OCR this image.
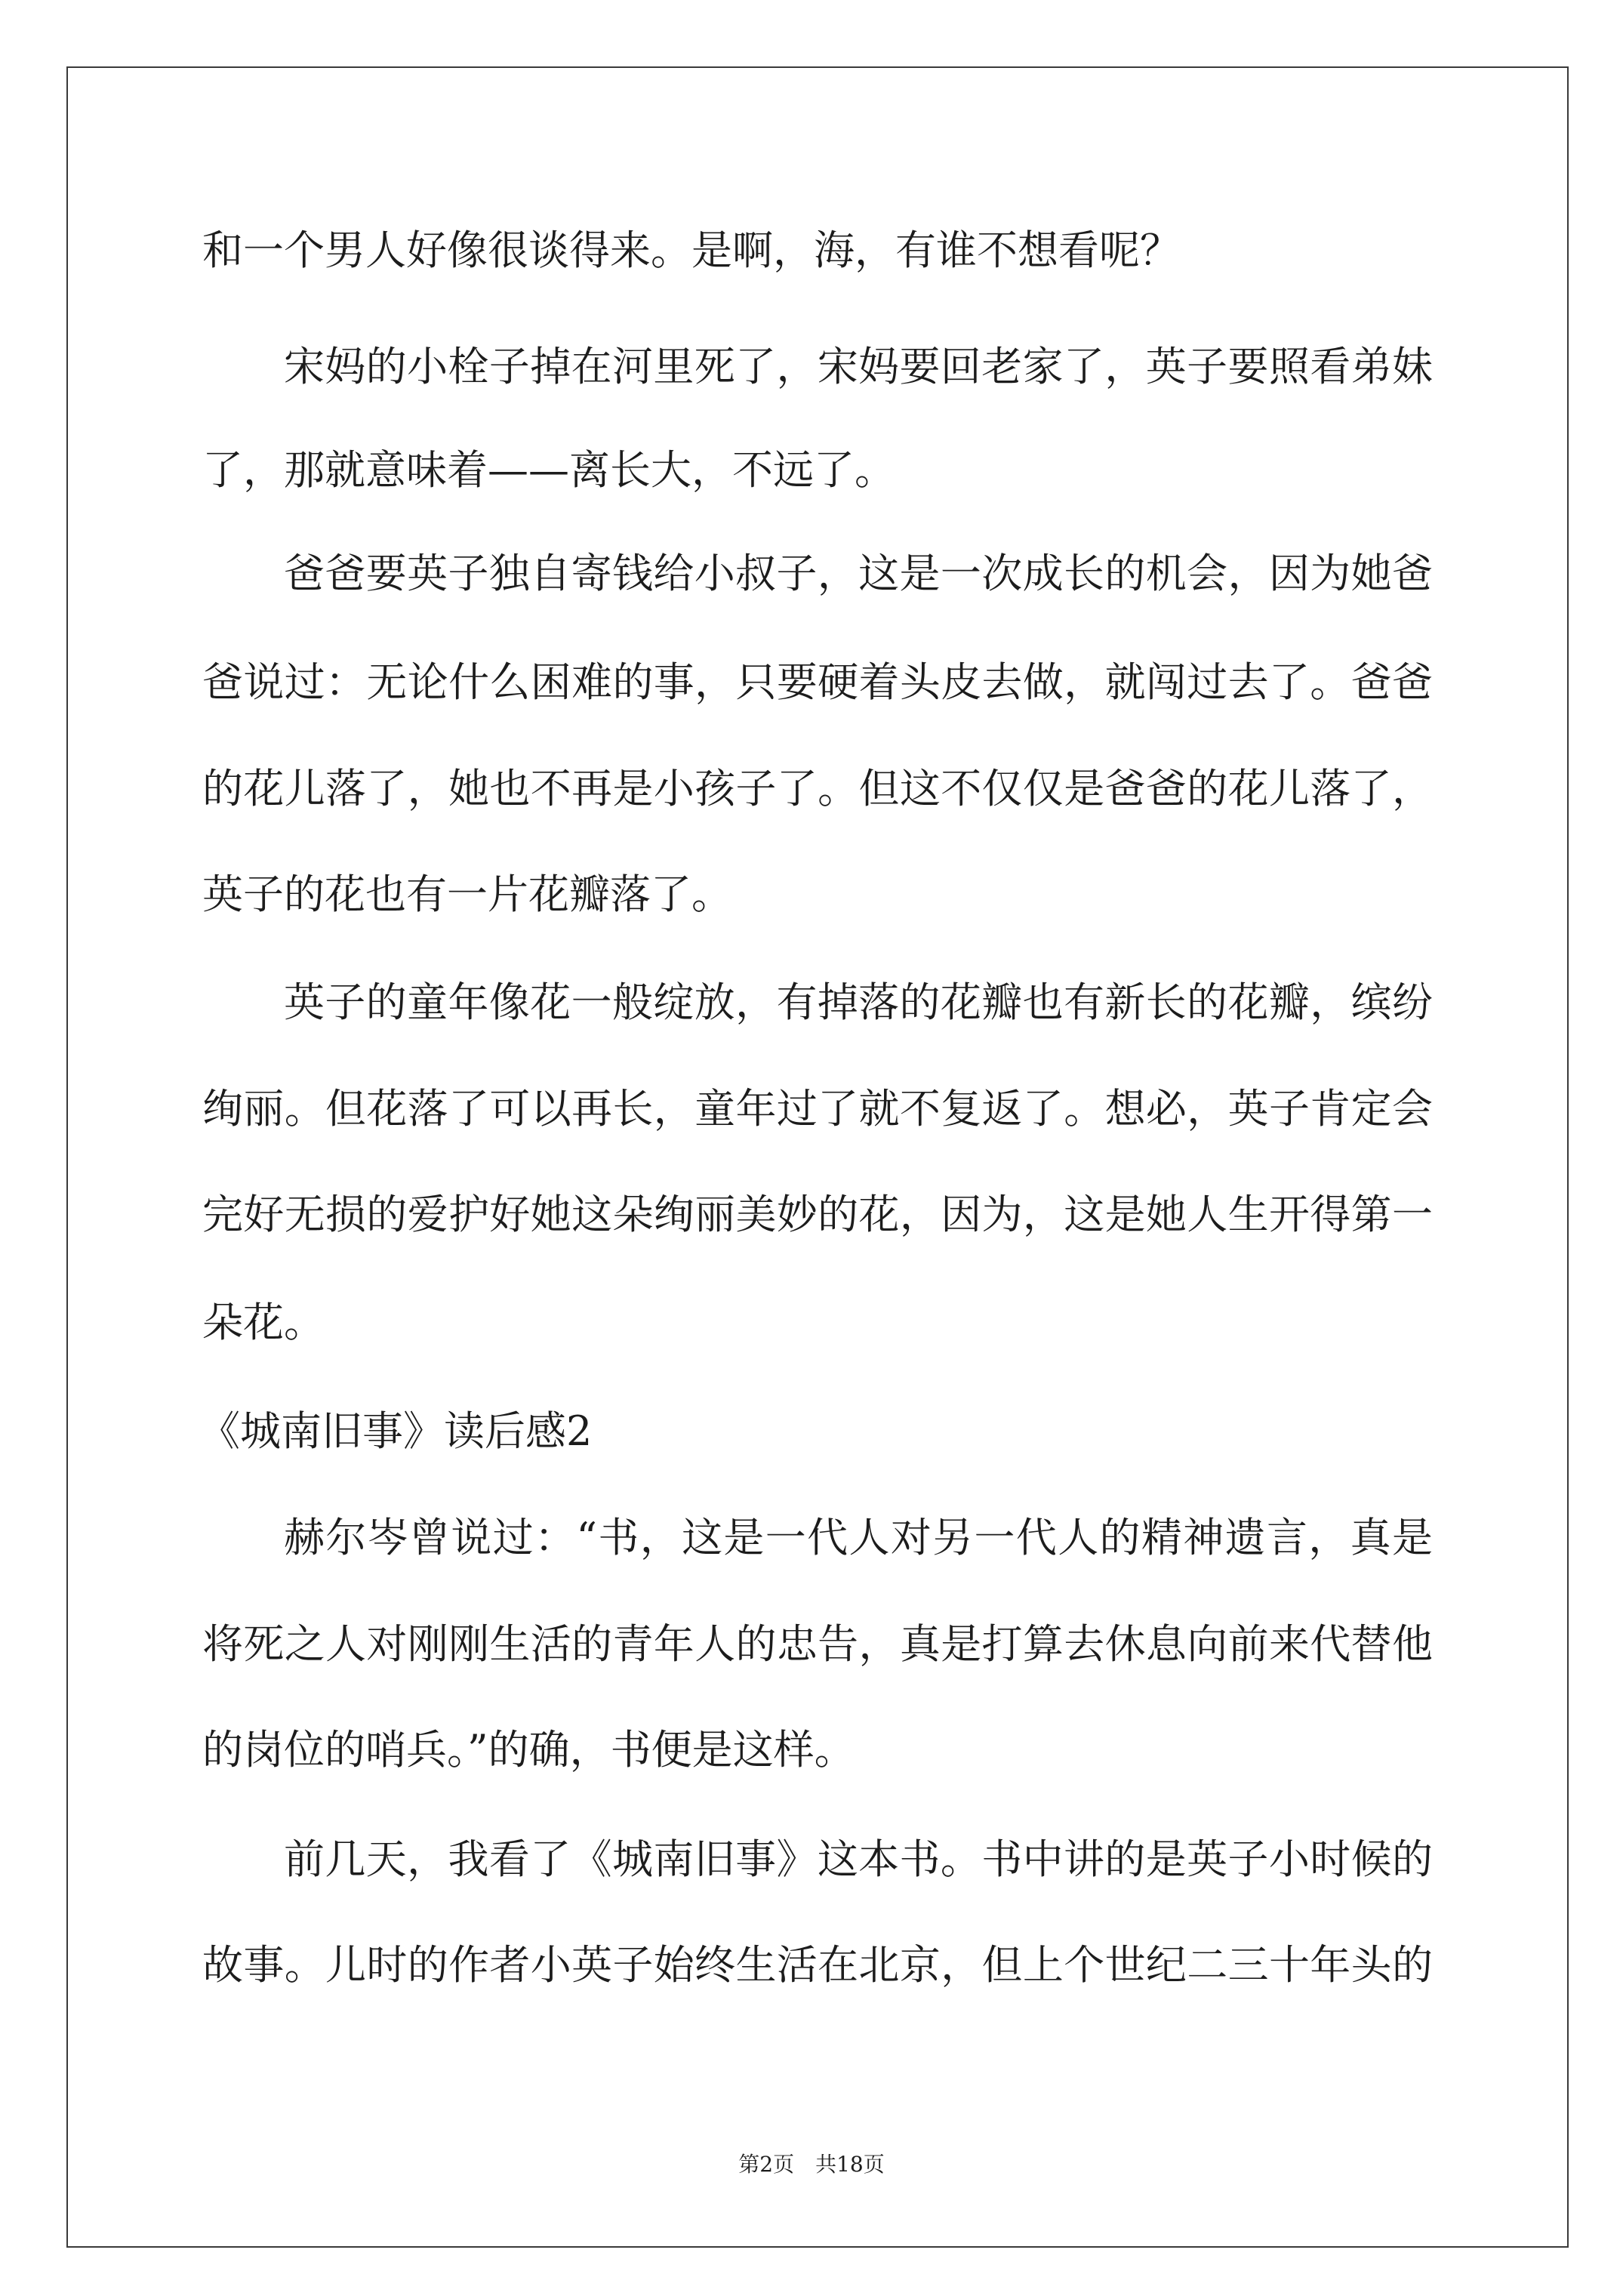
和一个男人好像很谈得来。是啊，海，有谁不想看呢？
宋妈的小栓子掉在河里死了，宋妈要回老家了，英子要照看弟妹
了，那就意味着——离长大，不远了。
爸爸要英子独自寄钱给小叔子，这是一次成长的机会，因为她爸
爸说过：无论什么困难的事，只要硬着头皮去做，就闯过去了。爸爸
的花儿落了，她也不再是小孩子了。但这不仅仅是爸爸的花儿落了，
英子的花也有一片花瓣落了。
英子的童年像花一般绽放，有掉落的花瓣也有新长的花瓣，缤纷
绚丽。但花落了可以再长，童年过了就不复返了。想必，英子肯定会
完好无损的爱护好她这朵绚丽美妙的花，因为，这是她人生开得第一
朵花。
《城南旧事》读后感2
赫尔岑曾说过：“书，这是一代人对另一代人的精神遗言，真是
将死之人对刚刚生活的青年人的忠告，真是打算去休息向前来代替他
的岗位的哨兵。”的确，书便是这样。
前几天，我看了《城南旧事》这本书。书中讲的是英子小时候的
故事。儿时的作者小英子始终生活在北京，但上个世纪二三十年头的
第2页　共18页
